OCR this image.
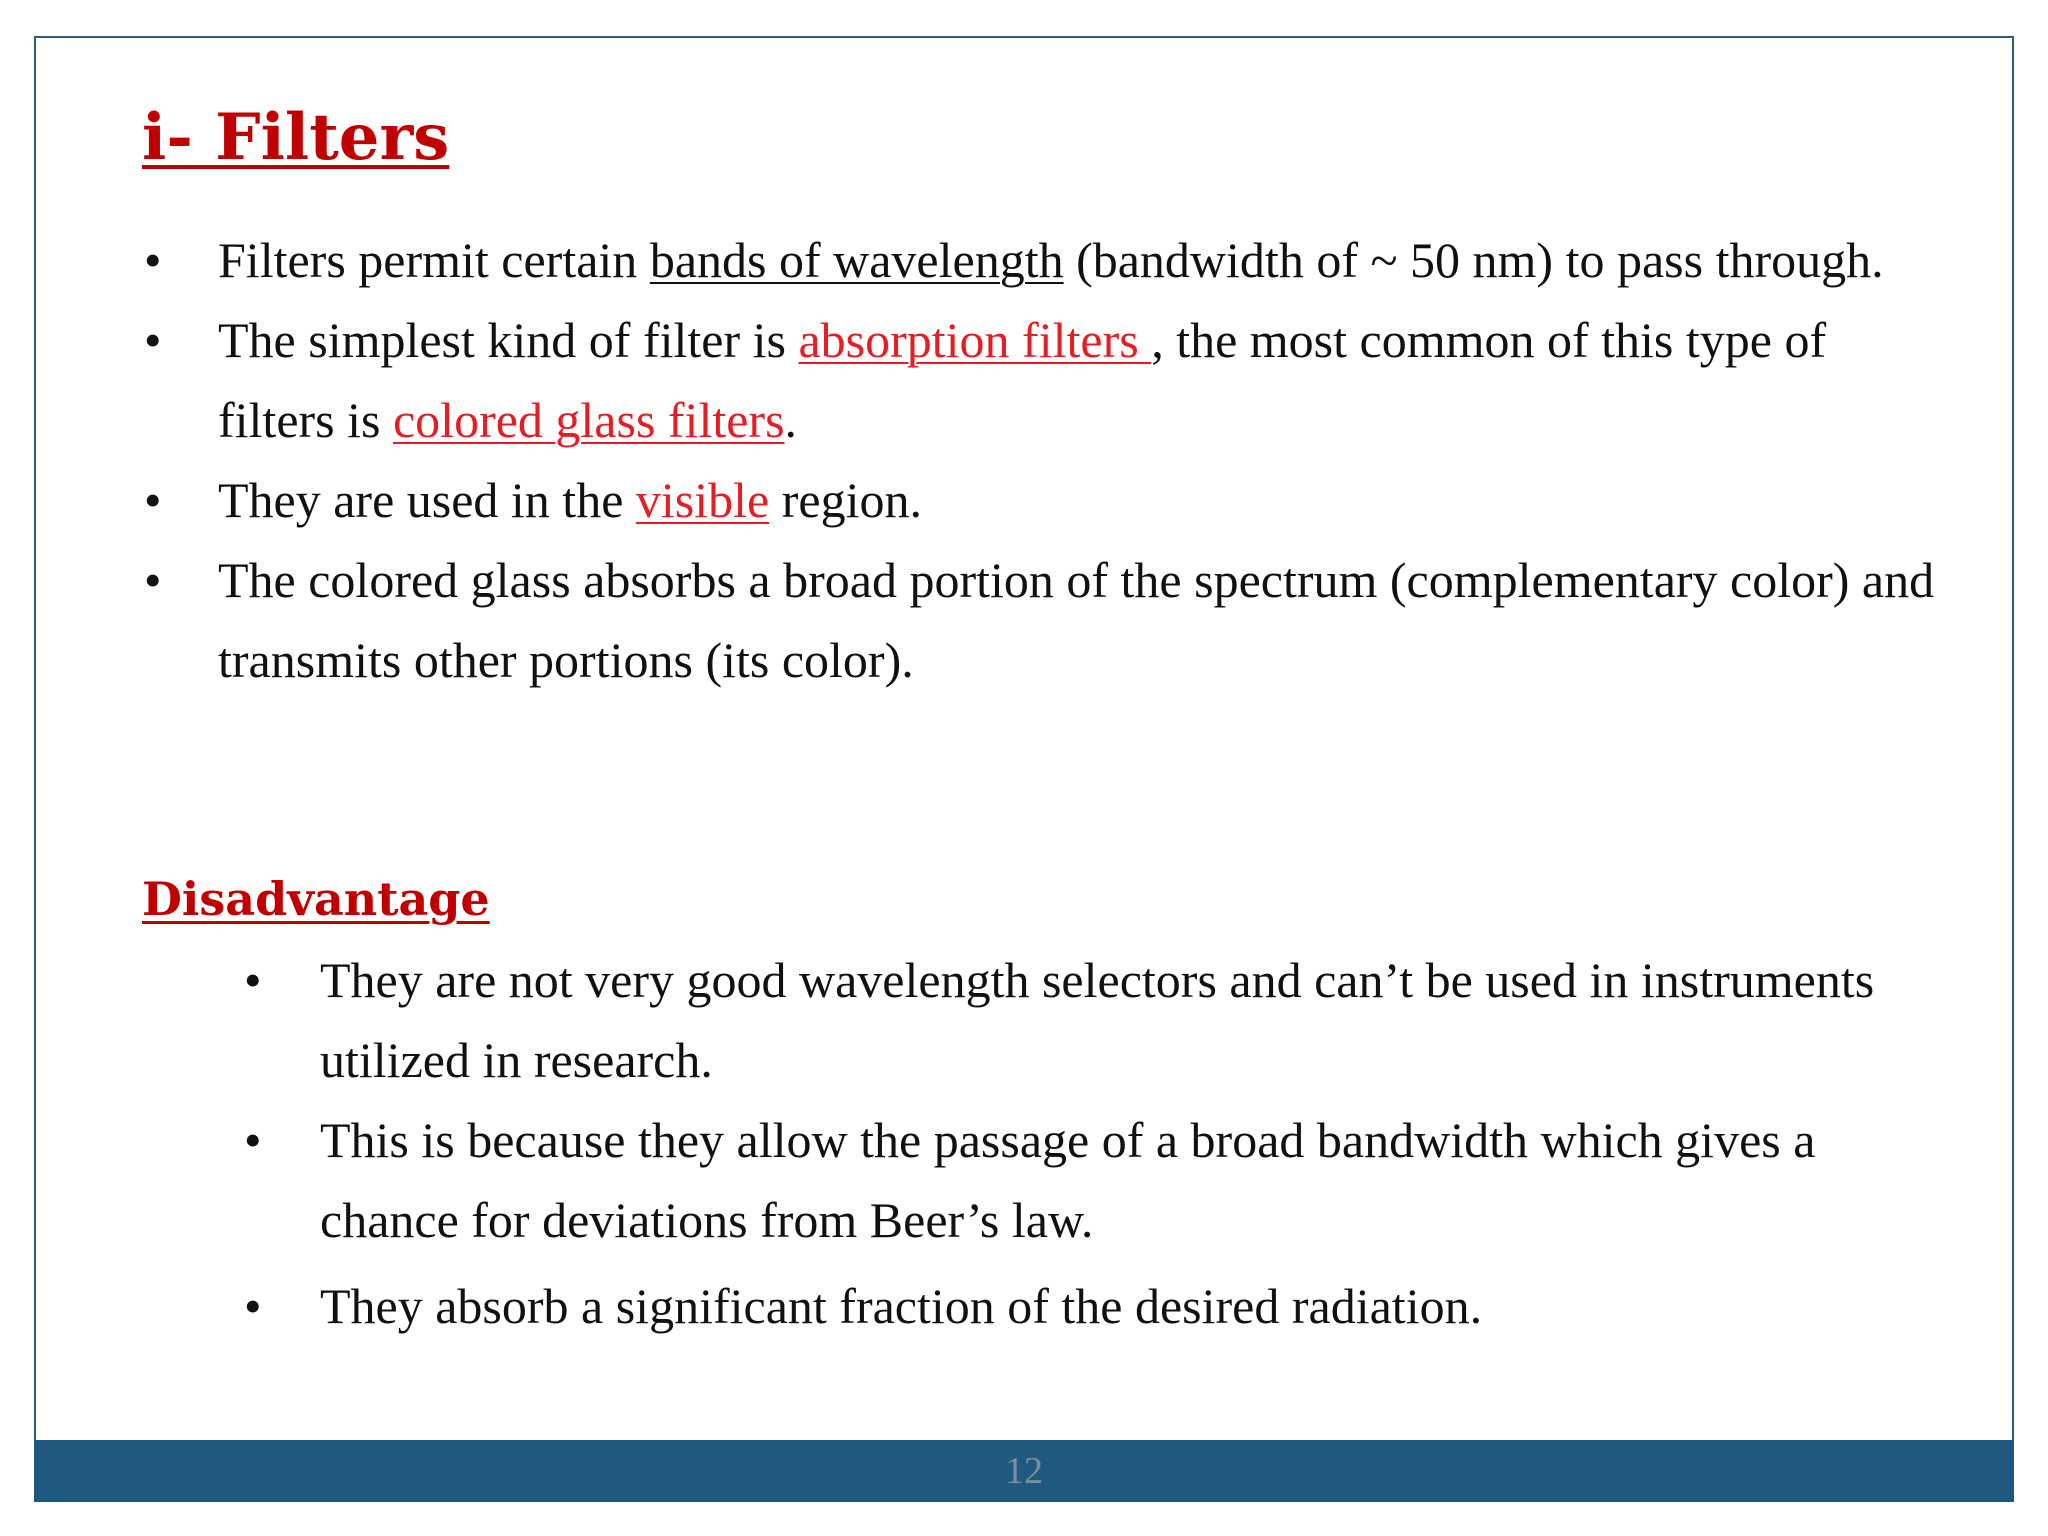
i- Filters
• Filters permit certain bands of wavelength (bandwidth of ~ 50 nm) to pass through.
• The simplest kind of filter is absorption filters , the most common of this type of filters is colored glass filters.
• They are used in the visible region.
• The colored glass absorbs a broad portion of the spectrum (complementary color) and transmits other portions (its color).
Disadvantage
• They are not very good wavelength selectors and can’t be used in instruments utilized in research.
• This is because they allow the passage of a broad bandwidth which gives a chance for deviations from Beer’s law.
• They absorb a significant fraction of the desired radiation.
12
